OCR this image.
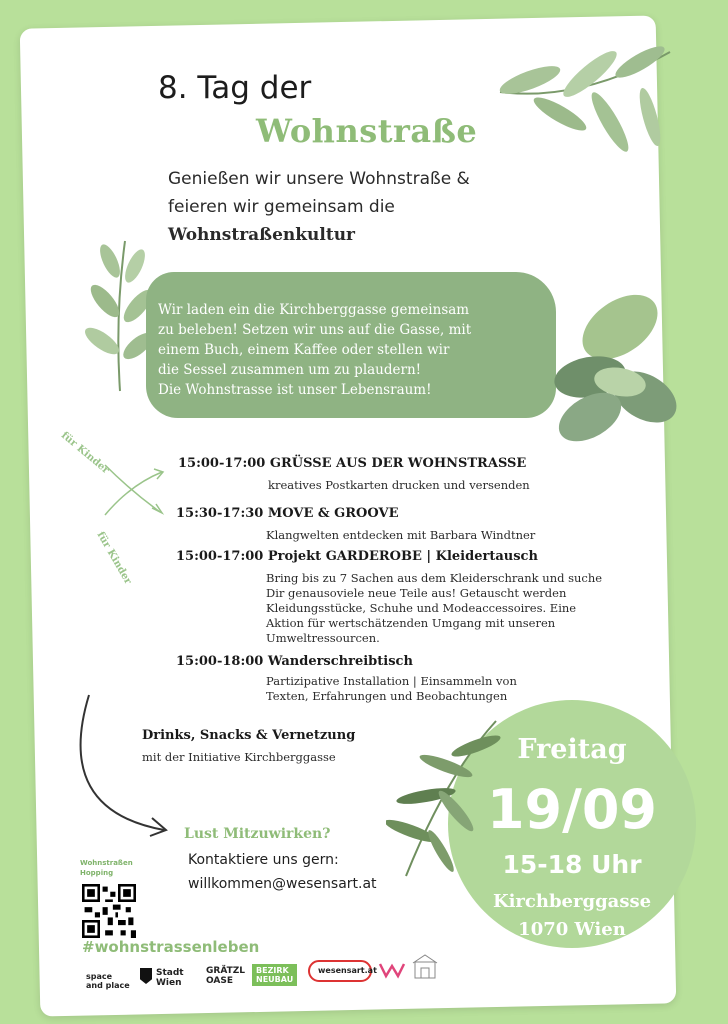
8. Tag der
Wohnstraße
Genießen wir unsere Wohnstraße &
feieren wir gemeinsam die
Wohnstraßenkultur
Wir laden ein die Kirchberggasse gemeinsam
zu beleben! Setzen wir uns auf die Gasse, mit
einem Buch, einem Kaffee oder stellen wir
die Sessel zusammen um zu plaudern!
Die Wohnstrasse ist unser Lebensraum!
für Kinder
für Kinder
15:00-17:00 GRÜSSE AUS DER WOHNSTRASSE
kreatives Postkarten drucken und versenden
15:30-17:30 MOVE & GROOVE
Klangwelten entdecken mit Barbara Windtner
15:00-17:00 Projekt GARDEROBE | Kleidertausch
Bring bis zu 7 Sachen aus dem Kleiderschrank und suche
Dir genausoviele neue Teile aus! Getauscht werden
Kleidungsstücke, Schuhe und Modeaccessoires. Eine
Aktion für wertschätzenden Umgang mit unseren
Umweltressourcen.
15:00-18:00 Wanderschreibtisch
Partizipative Installation | Einsammeln von
Texten, Erfahrungen und Beobachtungen
Drinks, Snacks & Vernetzung
mit der Initiative Kirchberggasse	Freitag
19/09
15-18 Uhr
Kirchberggasse
1070 Wien
Lust Mitzuwirken?
Kontaktiere uns gern:
willkommen@wesensart.at
Wohnstraßen
Hopping
#wohnstrassenleben
space
and place
Stadt
Wien
GRÄTZL
OASE
BEZIRK
NEUBAU
wesensart.at
